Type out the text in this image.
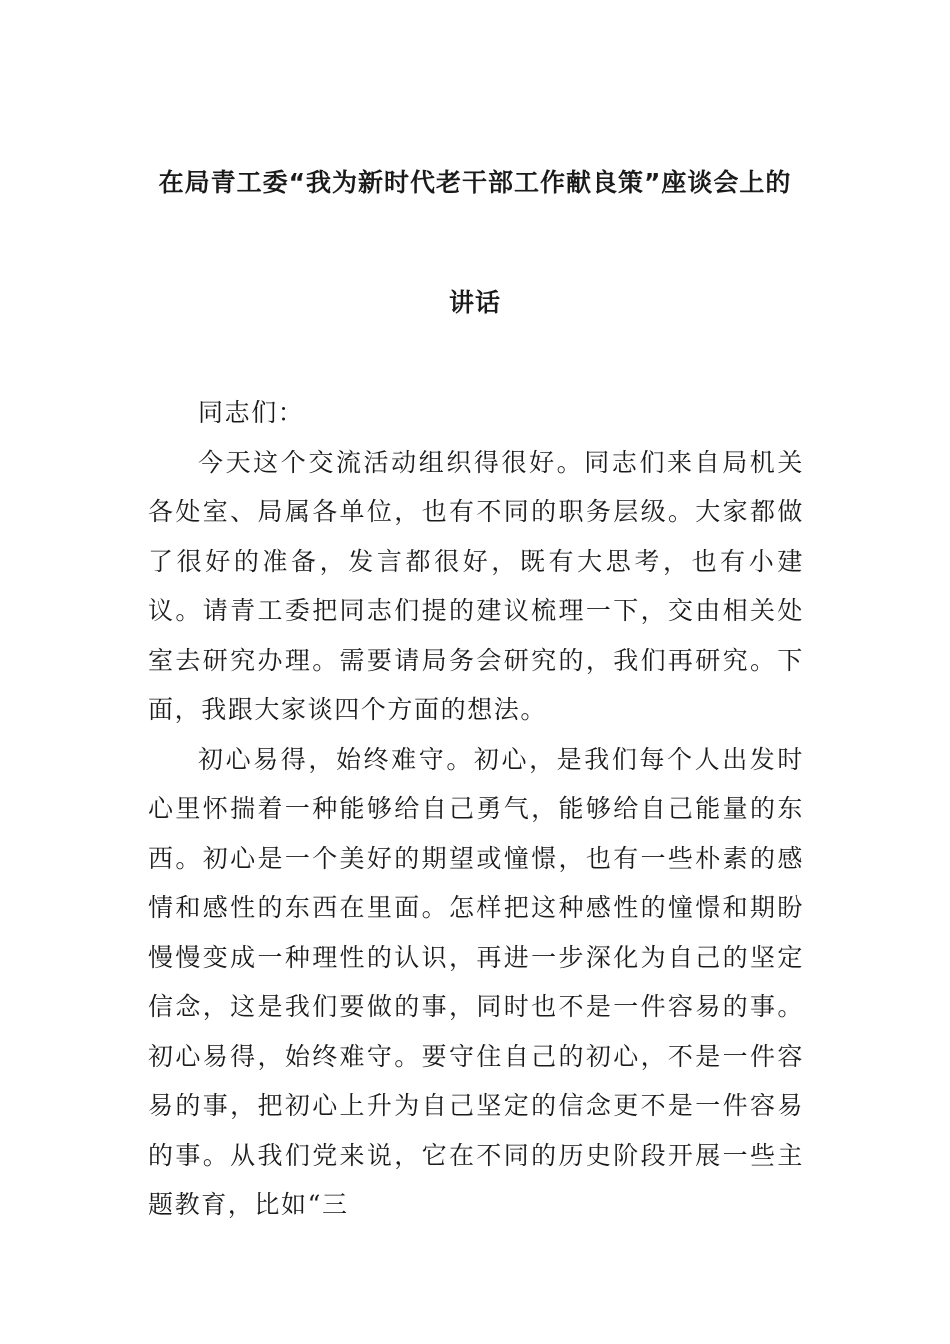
在局青工委“我为新时代老干部工作献良策”座谈会上的
讲话

同志们：

今天这个交流活动组织得很好。同志们来自局机关各处室、局属各单位，也有不同的职务层级。大家都做了很好的准备，发言都很好，既有大思考，也有小建议。请青工委把同志们提的建议梳理一下，交由相关处室去研究办理。需要请局务会研究的，我们再研究。下面，我跟大家谈四个方面的想法。

初心易得，始终难守。初心，是我们每个人出发时心里怀揣着一种能够给自己勇气，能够给自己能量的东西。初心是一个美好的期望或憧憬，也有一些朴素的感情和感性的东西在里面。怎样把这种感性的憧憬和期盼慢慢变成一种理性的认识，再进一步深化为自己的坚定信念，这是我们要做的事，同时也不是一件容易的事。初心易得，始终难守。要守住自己的初心，不是一件容易的事，把初心上升为自己坚定的信念更不是一件容易的事。从我们党来说，它在不同的历史阶段开展一些主题教育，比如“三
